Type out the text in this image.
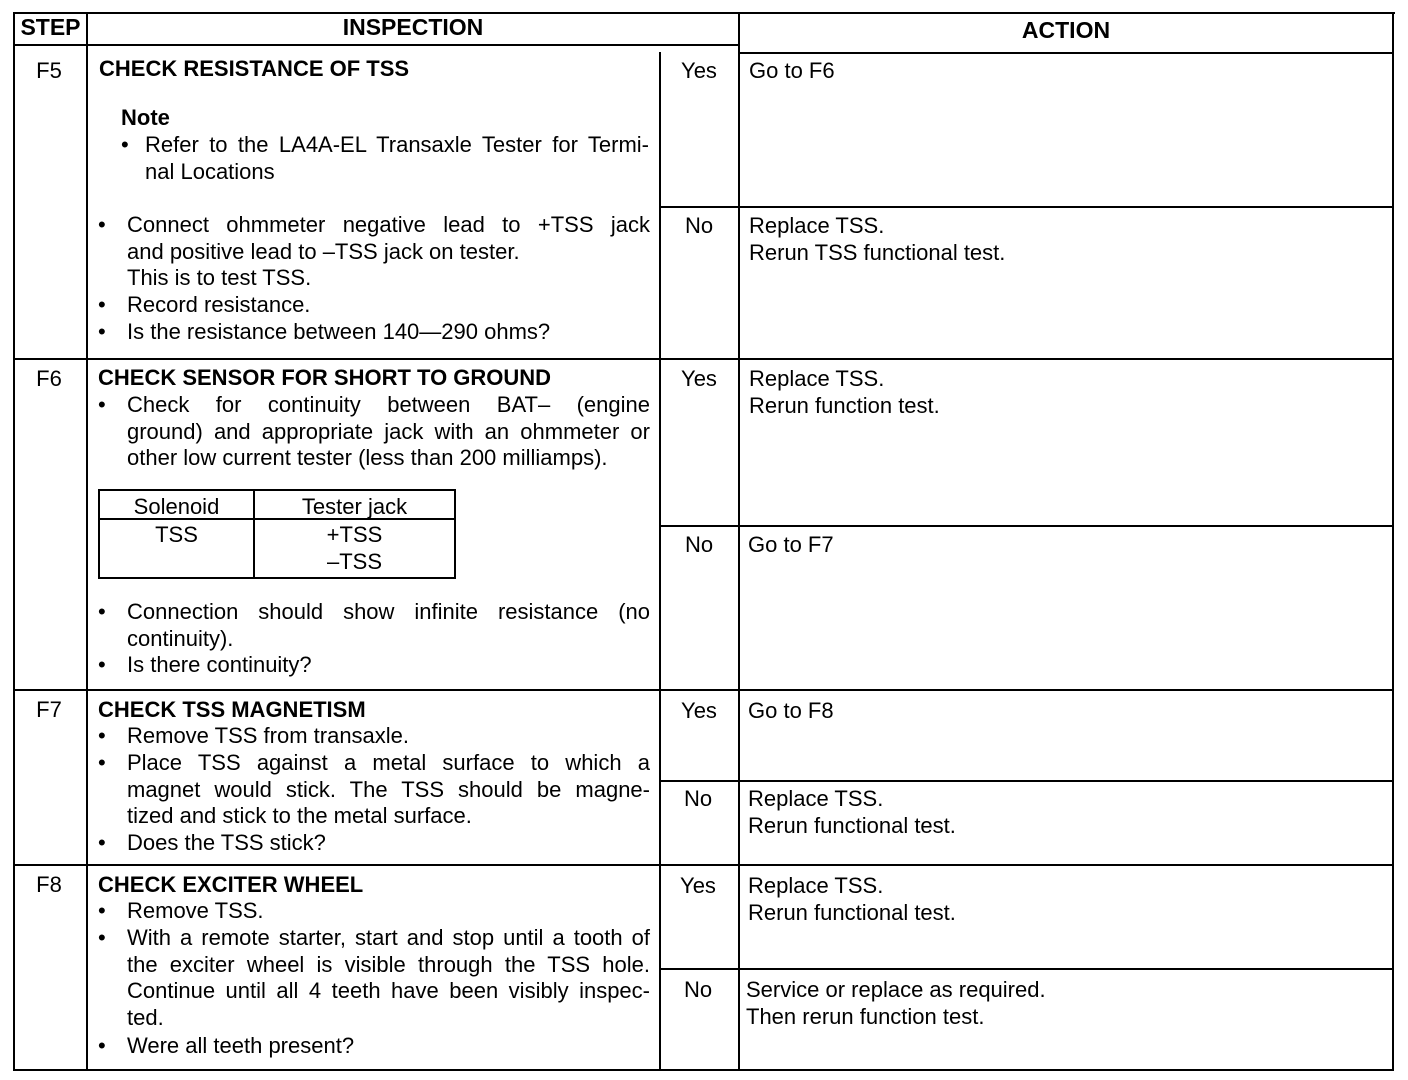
STEP	INSPECTION	ACTION
F5	CHECK RESISTANCE OF TSS
Note
• Refer to the LA4A-EL Transaxle Tester for Termi-
nal Locations
• Connect ohmmeter negative lead to +TSS jack
and positive lead to –TSS jack on tester.
This is to test TSS.
• Record resistance.
• Is the resistance between 140—290 ohms?
Yes	Go to F6
No	Replace TSS.
Rerun TSS functional test.
F6	CHECK SENSOR FOR SHORT TO GROUND
• Check for continuity between BAT– (engine
ground) and appropriate jack with an ohmmeter or
other low current tester (less than 200 milliamps).
Solenoid	Tester jack
TSS	+TSS
–TSS
• Connection should show infinite resistance (no
continuity).
• Is there continuity?
Yes	Replace TSS.
Rerun function test.
No	Go to F7
F7	CHECK TSS MAGNETISM
• Remove TSS from transaxle.
• Place TSS against a metal surface to which a
magnet would stick. The TSS should be magne-
tized and stick to the metal surface.
• Does the TSS stick?
Yes	Go to F8
No	Replace TSS.
Rerun functional test.
F8	CHECK EXCITER WHEEL
• Remove TSS.
• With a remote starter, start and stop until a tooth of
the exciter wheel is visible through the TSS hole.
Continue until all 4 teeth have been visibly inspec-
ted.
• Were all teeth present?
Yes	Replace TSS.
Rerun functional test.
No	Service or replace as required.
Then rerun function test.
